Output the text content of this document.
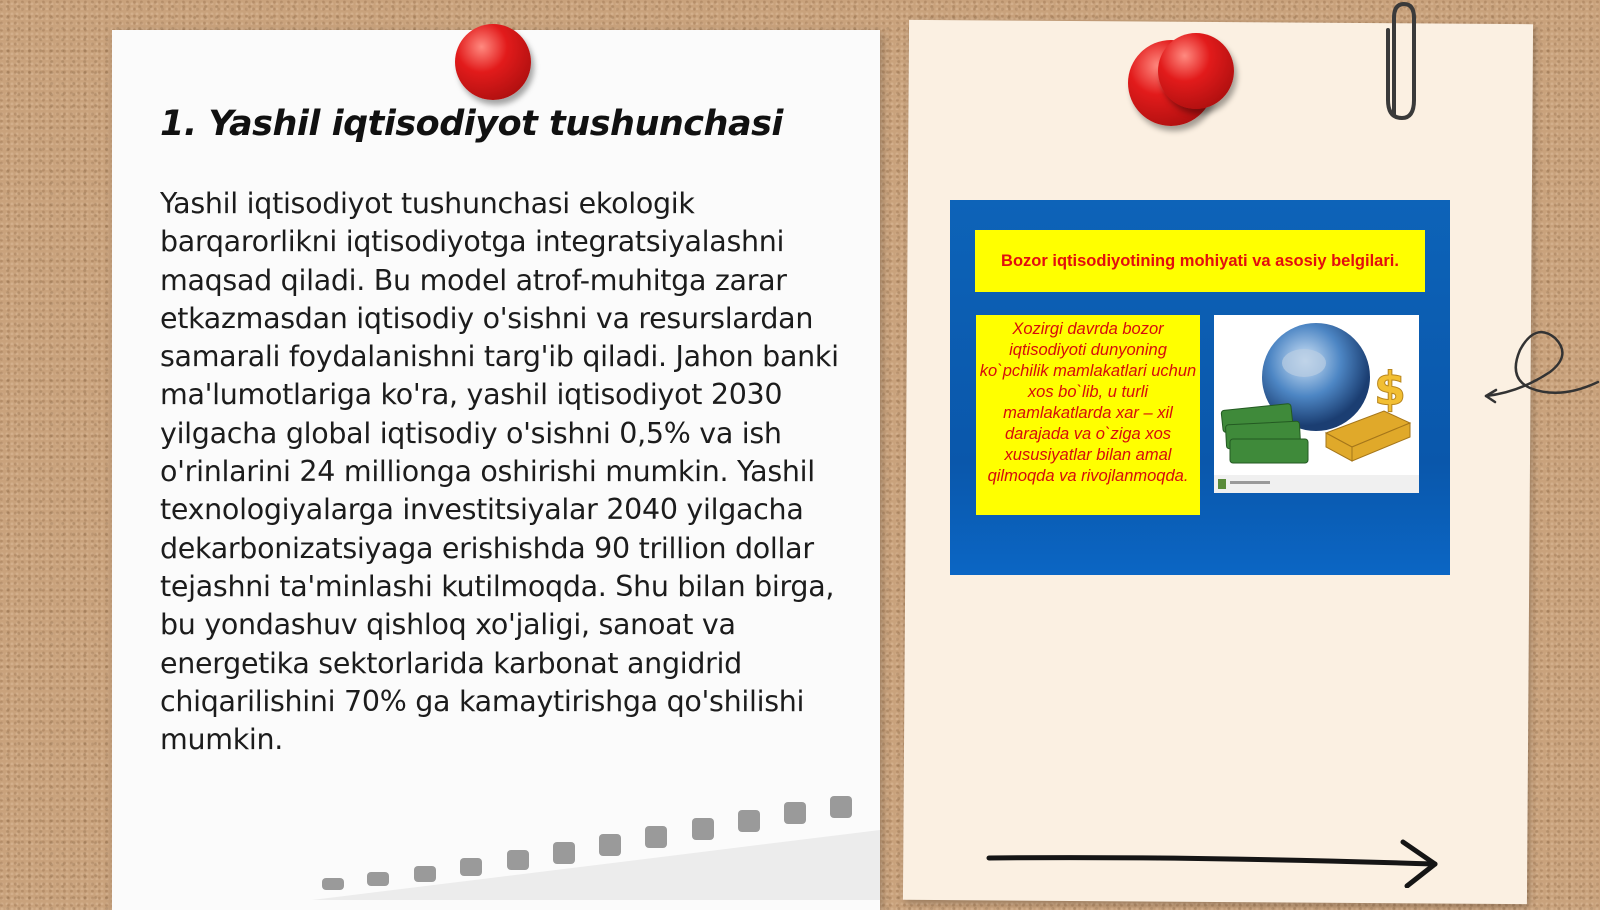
1. Yashil iqtisodiyot tushunchasi

Yashil iqtisodiyot tushunchasi ekologik barqarorlikni iqtisodiyotga integratsiyalashni maqsad qiladi. Bu model atrof-muhitga zarar etkazmasdan iqtisodiy o'sishni va resurslardan samarali foydalanishni targ'ib qiladi. Jahon banki ma'lumotlariga ko'ra, yashil iqtisodiyot 2030 yilgacha global iqtisodiy o'sishni 0,5% va ish o'rinlarini 24 millionga oshirishi mumkin. Yashil texnologiyalarga investitsiyalar 2040 yilgacha dekarbonizatsiyaga erishishda 90 trillion dollar tejashni ta'minlashi kutilmoqda. Shu bilan birga, bu yondashuv qishloq xo'jaligi, sanoat va energetika sektorlarida karbonat angidrid chiqarilishini 70% ga kamaytirishga qo'shilishi mumkin.

Bozor iqtisodiyotining mohiyati va asosiy belgilari.
Xozirgi davrda bozor iqtisodiyoti dunyoning ko`pchilik mamlakatlari uchun xos bo`lib, u turli mamlakatlarda xar – xil darajada va o`ziga xos xususiyatlar bilan amal qilmoqda va rivojlanmoqda.
$
